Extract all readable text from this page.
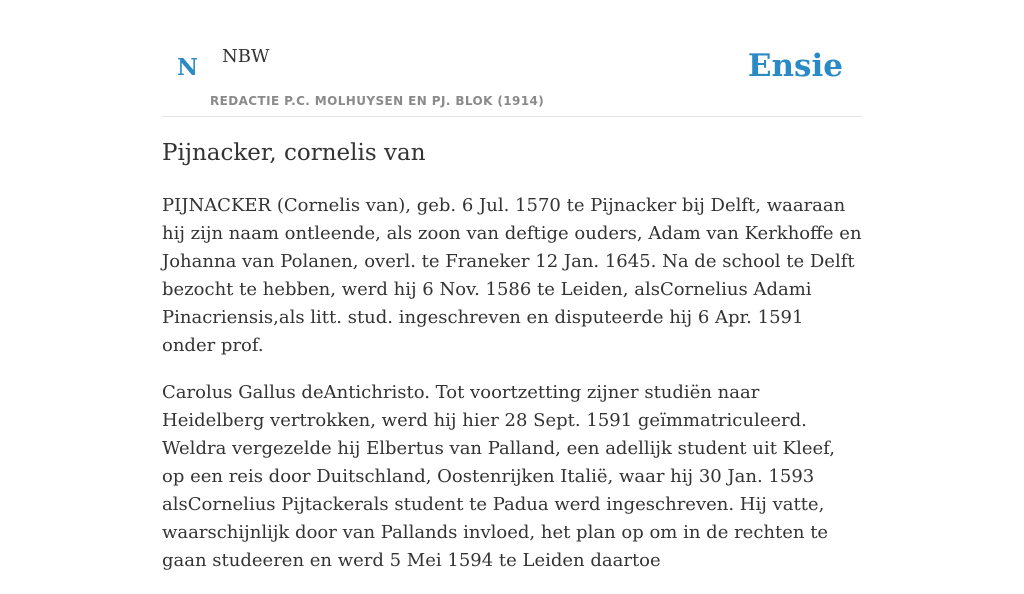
N NBW
REDACTIE P.C. MOLHUYSEN EN PJ. BLOK (1914)
Ensie
Pijnacker, cornelis van

PIJNACKER (Cornelis van), geb. 6 Jul. 1570 te Pijnacker bij Delft, waaraan hij zijn naam ontleende, als zoon van deftige ouders, Adam van Kerkhoffe en Johanna van Polanen, overl. te Franeker 12 Jan. 1645. Na de school te Delft bezocht te hebben, werd hij 6 Nov. 1586 te Leiden, alsCornelius Adami Pinacriensis,als litt. stud. ingeschreven en disputeerde hij 6 Apr. 1591 onder prof.

Carolus Gallus deAntichristo. Tot voortzetting zijner studiën naar Heidelberg vertrokken, werd hij hier 28 Sept. 1591 geïmmatriculeerd. Weldra vergezelde hij Elbertus van Palland, een adellijk student uit Kleef, op een reis door Duitschland, Oostenrijken Italië, waar hij 30 Jan. 1593 alsCornelius Pijtackerals student te Padua werd ingeschreven. Hij vatte, waarschijnlijk door van Pallands invloed, het plan op om in de rechten te gaan studeeren en werd 5 Mei 1594 te Leiden daartoe
